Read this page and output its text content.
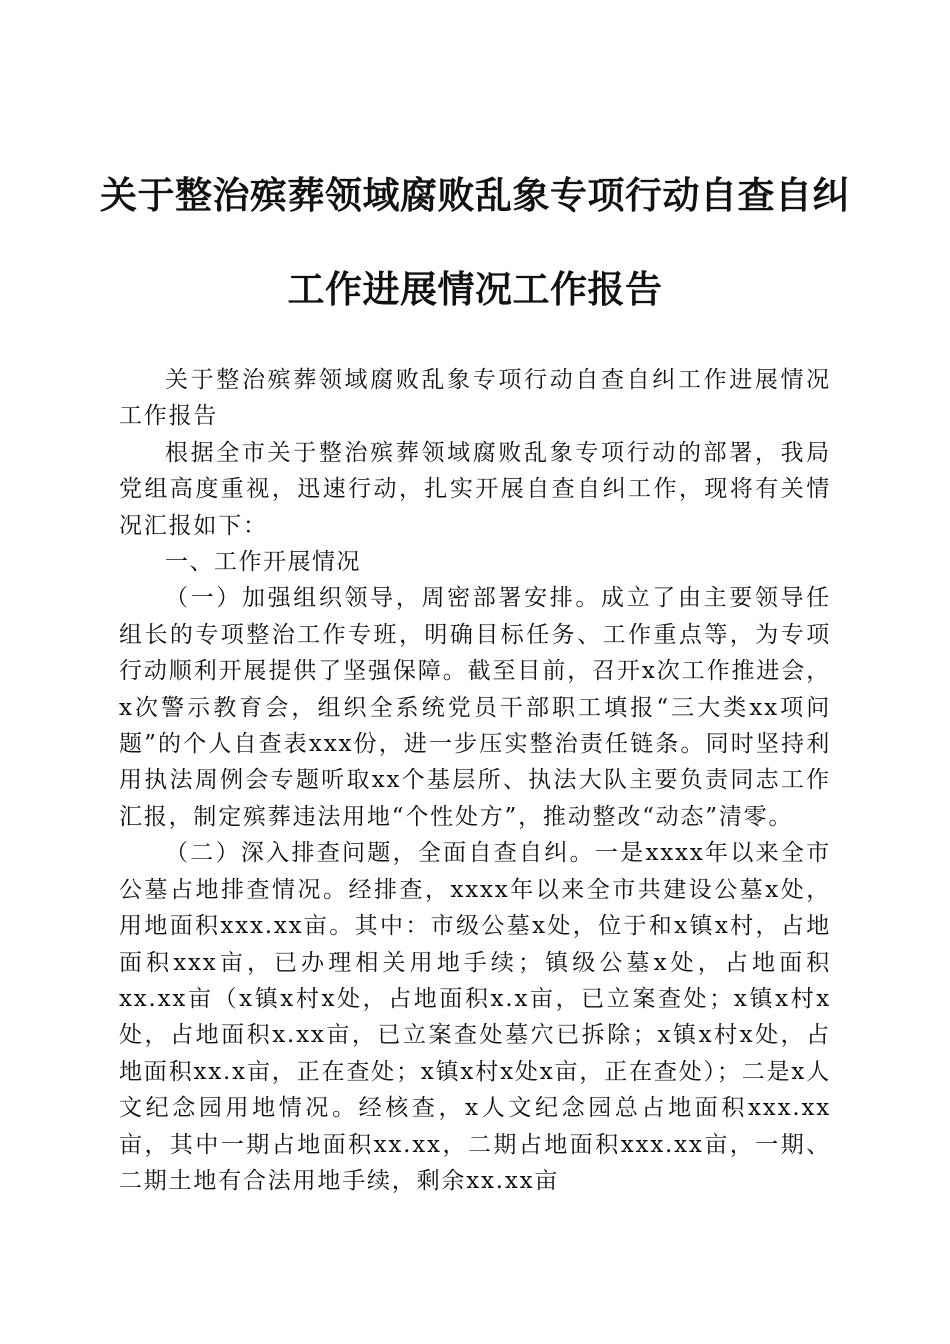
关于整治殡葬领域腐败乱象专项行动自查自纠
工作进展情况工作报告

关于整治殡葬领域腐败乱象专项行动自查自纠工作进展情况工作报告

根据全市关于整治殡葬领域腐败乱象专项行动的部署，我局党组高度重视，迅速行动，扎实开展自查自纠工作，现将有关情况汇报如下：

一、工作开展情况

（一）加强组织领导，周密部署安排。成立了由主要领导任组长的专项整治工作专班，明确目标任务、工作重点等，为专项行动顺利开展提供了坚强保障。截至目前，召开x次工作推进会，x次警示教育会，组织全系统党员干部职工填报“三大类xx项问题”的个人自查表xxx份，进一步压实整治责任链条。同时坚持利用执法周例会专题听取xx个基层所、执法大队主要负责同志工作汇报，制定殡葬违法用地“个性处方”，推动整改“动态”清零。

（二）深入排查问题，全面自查自纠。一是xxxx年以来全市公墓占地排查情况。经排查，xxxx年以来全市共建设公墓x处，用地面积xxx.xx亩。其中：市级公墓x处，位于和x镇x村，占地面积xxx亩，已办理相关用地手续；镇级公墓x处，占地面积xx.xx亩（x镇x村x处，占地面积x.x亩，已立案查处；x镇x村x处，占地面积x.xx亩，已立案查处墓穴已拆除；x镇x村x处，占地面积xx.x亩，正在查处；x镇x村x处x亩，正在查处）；二是x人文纪念园用地情况。经核查，x人文纪念园总占地面积xxx.xx亩，其中一期占地面积xx.xx，二期占地面积xxx.xx亩，一期、二期土地有合法用地手续，剩余xx.xx亩
